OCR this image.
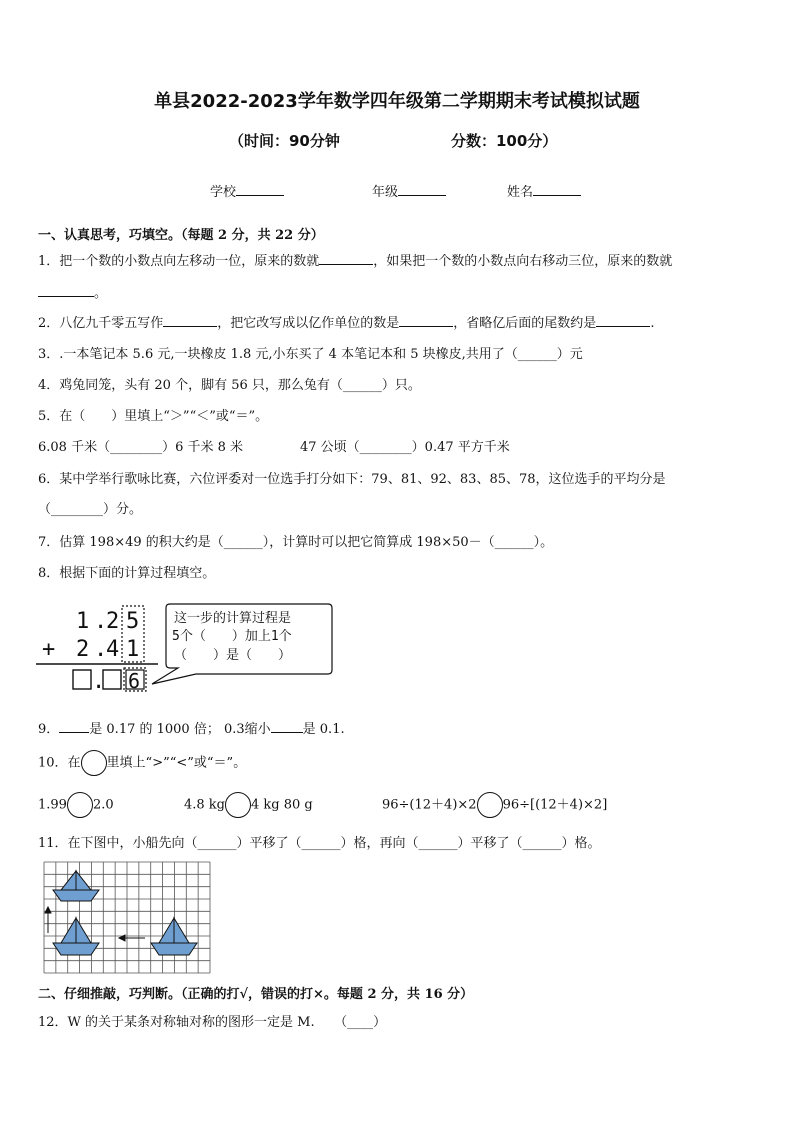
单县2022-2023学年数学四年级第二学期期末考试模拟试题
（时间：90分钟	分数：100分）
学校	年级	姓名
一、认真思考，巧填空。（每题 2 分，共 22 分）
1．把一个数的小数点向左移动一位，原来的数就	，如果把一个数的小数点向右移动三位，原来的数就
。
2．八亿九千零五写作	，把它改写成以亿作单位的数是	，省略亿后面的尾数约是	.
3．.一本笔记本 5.6 元,一块橡皮 1.8 元,小东买了 4 本笔记本和 5 块橡皮,共用了（______）元
4．鸡兔同笼，头有 20 个，脚有 56 只，那么兔有（______）只。
5．在（　　）里填上“＞”“＜”或“＝”。
6.08 千米（________）6 千米 8 米	47 公顷（________）0.47 平方千米
6．某中学举行歌咏比赛，六位评委对一位选手打分如下：79、81、92、83、85、78，这位选手的平均分是
（________）分。
7．估算 198×49 的积大约是（______），计算时可以把它简算成 198×50－（______）。
8．根据下面的计算过程填空。
1 .
2 5
+ 2 .
4 1
. 6
这一步的计算过程是
5个（　　）加上1个
（　　）是（　　）
9． 是 0.17 的 1000 倍； 0.3缩小 是 0.1.
10．在 里填上“>”“<”或“＝”。
1.99 2.0	4.8 kg 4 kg 80 g	96÷(12＋4)×2 96÷[(12＋4)×2]
11．在下图中，小船先向（______）平移了（______）格，再向（______）平移了（______）格。
二、仔细推敲，巧判断。（正确的打√，错误的打×。每题 2 分，共 16 分）
12．W 的关于某条对称轴对称的图形一定是 M.　　（____）
